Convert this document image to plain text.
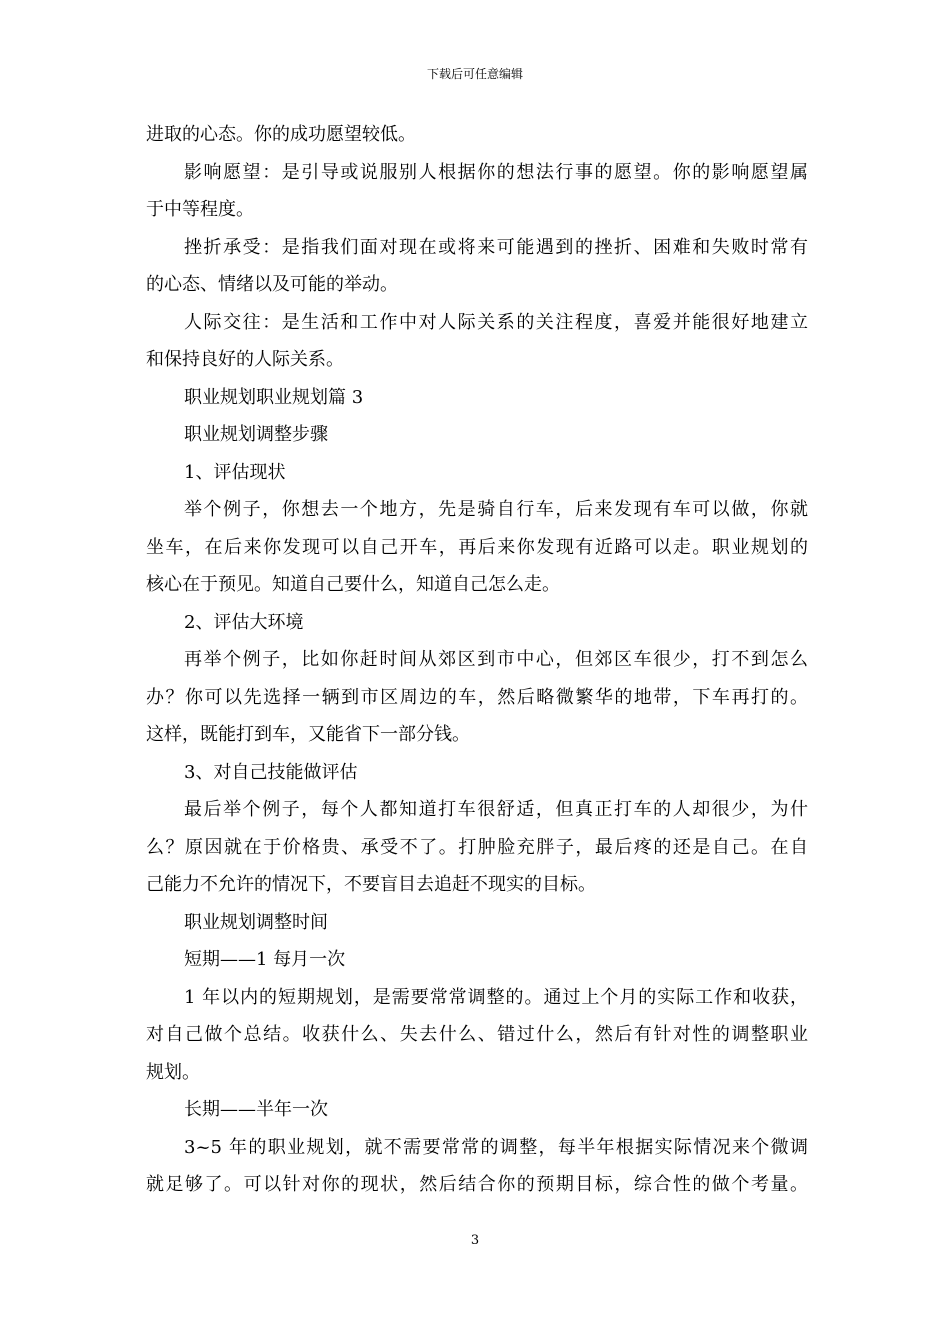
下载后可任意编辑
进取的心态。你的成功愿望较低。
影响愿望：是引导或说服别人根据你的想法行事的愿望。你的影响愿望属
于中等程度。
挫折承受：是指我们面对现在或将来可能遇到的挫折、困难和失败时常有
的心态、情绪以及可能的举动。
人际交往：是生活和工作中对人际关系的关注程度，喜爱并能很好地建立
和保持良好的人际关系。
职业规划职业规划篇 3
职业规划调整步骤
1、评估现状
举个例子，你想去一个地方，先是骑自行车，后来发现有车可以做，你就
坐车，在后来你发现可以自己开车，再后来你发现有近路可以走。职业规划的
核心在于预见。知道自己要什么，知道自己怎么走。
2、评估大环境
再举个例子，比如你赶时间从郊区到市中心，但郊区车很少，打不到怎么
办？你可以先选择一辆到市区周边的车，然后略微繁华的地带，下车再打的。
这样，既能打到车，又能省下一部分钱。
3、对自己技能做评估
最后举个例子，每个人都知道打车很舒适，但真正打车的人却很少，为什
么？原因就在于价格贵、承受不了。打肿脸充胖子，最后疼的还是自己。在自
己能力不允许的情况下，不要盲目去追赶不现实的目标。
职业规划调整时间
短期——1 每月一次
1 年以内的短期规划，是需要常常调整的。通过上个月的实际工作和收获，
对自己做个总结。收获什么、失去什么、错过什么，然后有针对性的调整职业
规划。
长期——半年一次
3~5 年的职业规划，就不需要常常的调整，每半年根据实际情况来个微调
就足够了。可以针对你的现状，然后结合你的预期目标，综合性的做个考量。
3
